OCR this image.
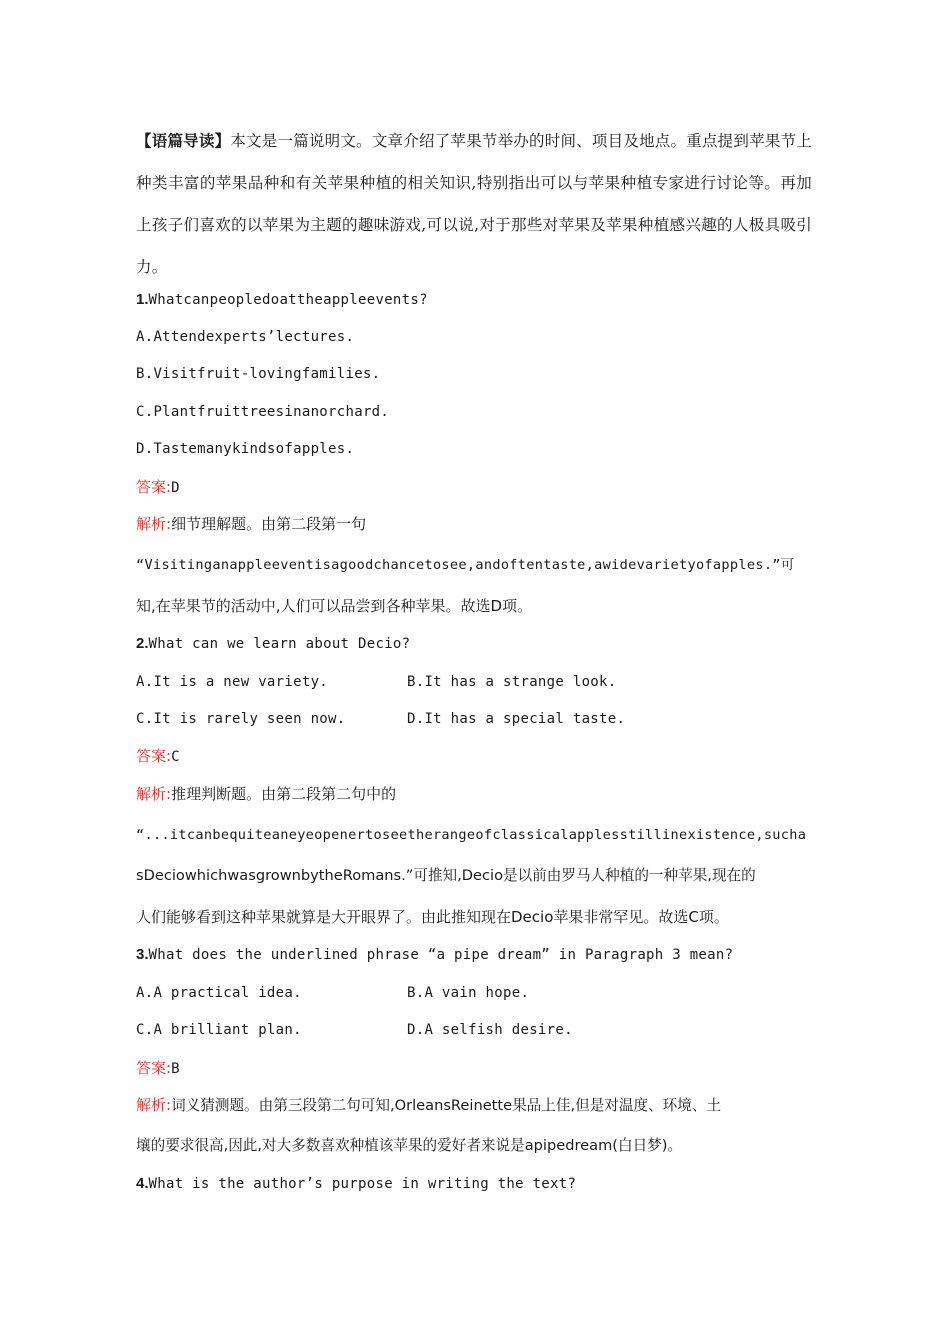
【语篇导读】本文是一篇说明文。文章介绍了苹果节举办的时间、项目及地点。重点提到苹果节上种类丰富的苹果品种和有关苹果种植的相关知识,特别指出可以与苹果种植专家进行讨论等。再加上孩子们喜欢的以苹果为主题的趣味游戏,可以说,对于那些对苹果及苹果种植感兴趣的人极具吸引力。
1.Whatcanpeopledoattheappleevents?
A.Attendexperts’lectures.
B.Visitfruit-lovingfamilies.
C.Plantfruittreesinanorchard.
D.Tastemanykindsofapples.
答案:D
解析:细节理解题。由第二段第一句
“Visitinganappleeventisagoodchancetosee,andoftentaste,awidevarietyofapples.”可
知,在苹果节的活动中,人们可以品尝到各种苹果。故选D项。
2.What can we learn about Decio?
A.It is a new variety.	B.It has a strange look.
C.It is rarely seen now.	D.It has a special taste.
答案:C
解析:推理判断题。由第二段第二句中的
“...itcanbequiteaneyeopenertoseetherangeofclassicalapplesstillinexistence,sucha
sDeciowhichwasgrownbytheRomans.”可推知,Decio是以前由罗马人种植的一种苹果,现在的
人们能够看到这种苹果就算是大开眼界了。由此推知现在Decio苹果非常罕见。故选C项。
3.What does the underlined phrase “a pipe dream” in Paragraph 3 mean?
A.A practical idea.	B.A vain hope.
C.A brilliant plan.	D.A selfish desire.
答案:B
解析:词义猜测题。由第三段第二句可知,OrleansReinette果品上佳,但是对温度、环境、土
壤的要求很高,因此,对大多数喜欢种植该苹果的爱好者来说是apipedream(白日梦)。
4.What is the author’s purpose in writing the text?
